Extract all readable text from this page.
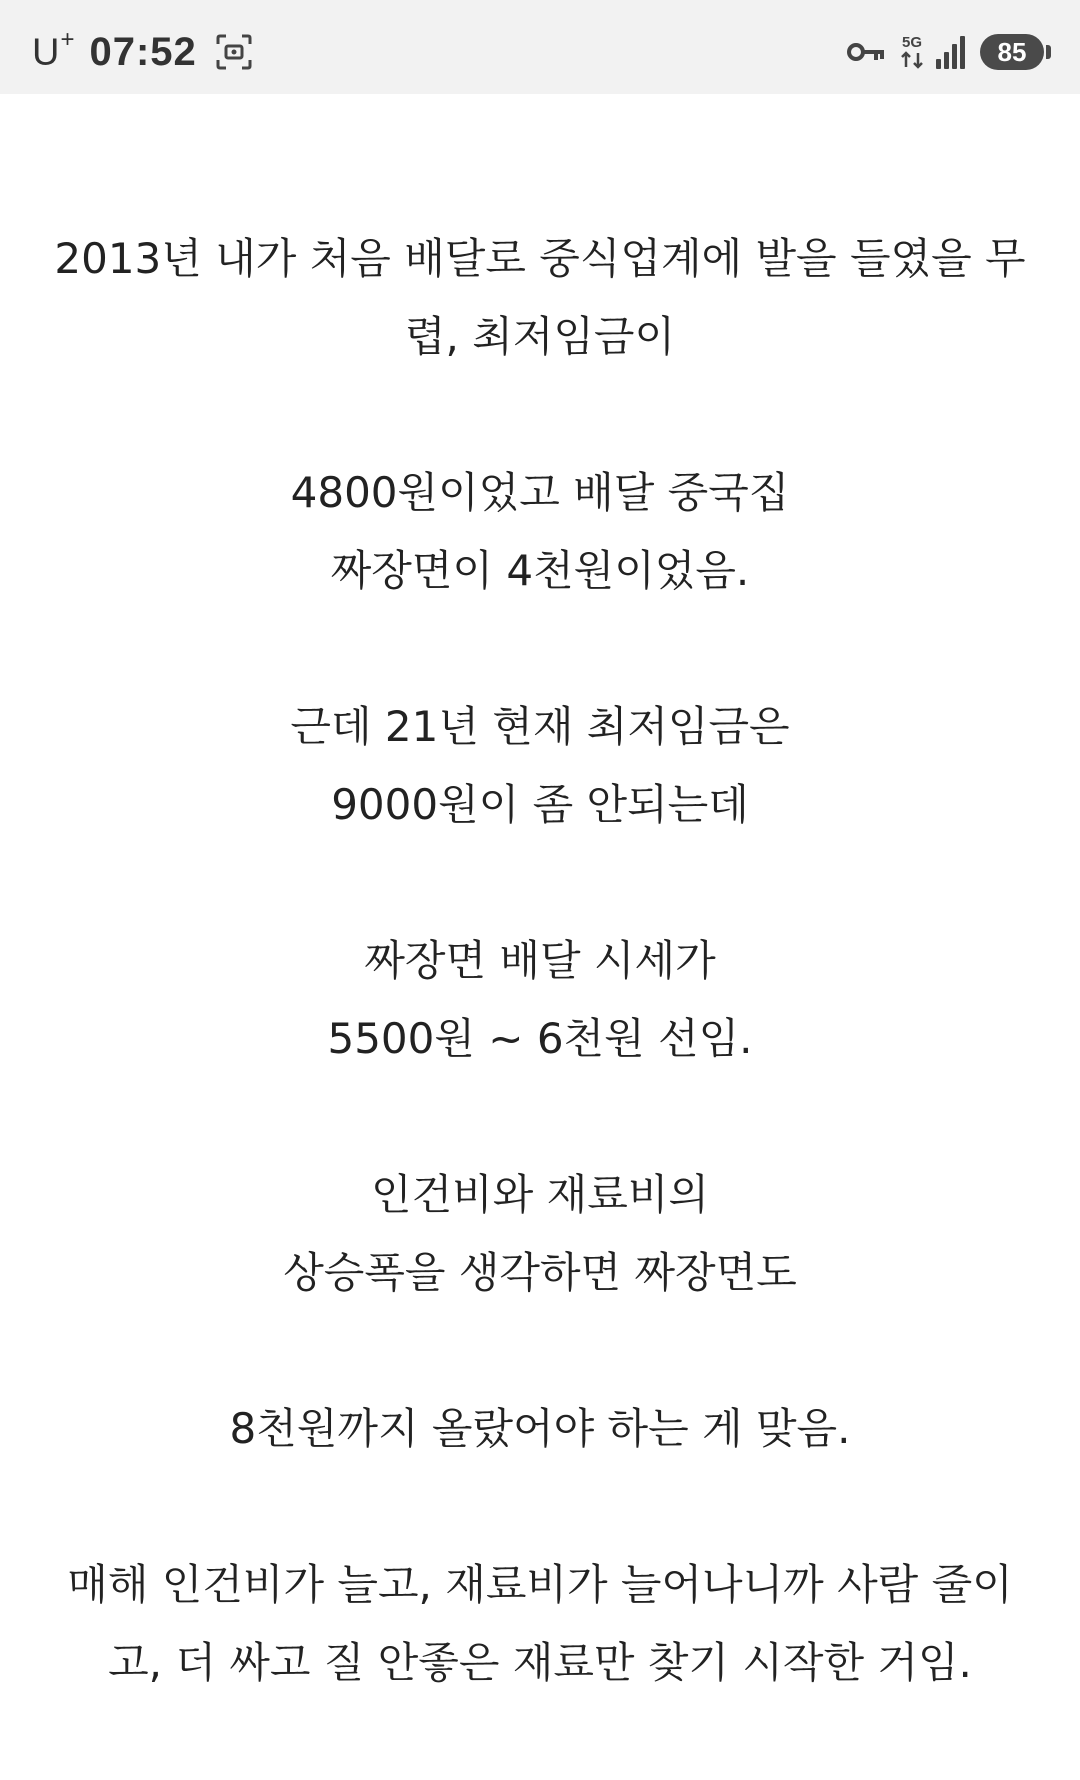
U+ 07:52	5G	85

2013년 내가 처음 배달로 중식업계에 발을 들였을 무
렵, 최저임금이

4800원이었고 배달 중국집
짜장면이 4천원이었음.

근데 21년 현재 최저임금은
9000원이 좀 안되는데

짜장면 배달 시세가
5500원 ~ 6천원 선임.

인건비와 재료비의
상승폭을 생각하면 짜장면도

8천원까지 올랐어야 하는 게 맞음.

매해 인건비가 늘고, 재료비가 늘어나니까 사람 줄이
고, 더 싸고 질 안좋은 재료만 찾기 시작한 거임.
